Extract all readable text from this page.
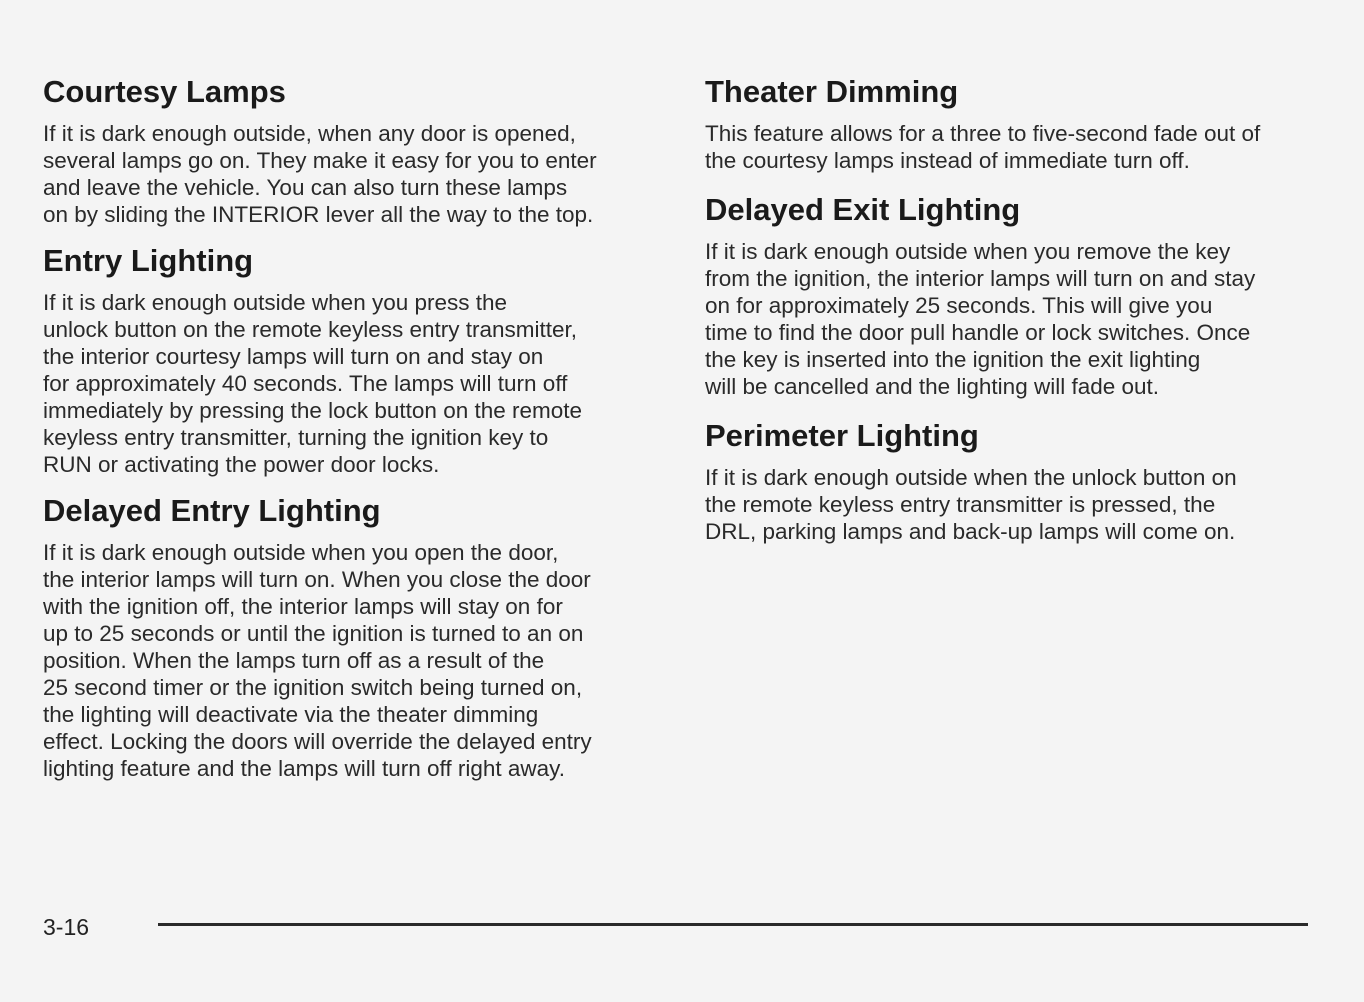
Courtesy Lamps

If it is dark enough outside, when any door is opened,
several lamps go on. They make it easy for you to enter
and leave the vehicle. You can also turn these lamps
on by sliding the INTERIOR lever all the way to the top.

Entry Lighting

If it is dark enough outside when you press the
unlock button on the remote keyless entry transmitter,
the interior courtesy lamps will turn on and stay on
for approximately 40 seconds. The lamps will turn off
immediately by pressing the lock button on the remote
keyless entry transmitter, turning the ignition key to
RUN or activating the power door locks.

Delayed Entry Lighting

If it is dark enough outside when you open the door,
the interior lamps will turn on. When you close the door
with the ignition off, the interior lamps will stay on for
up to 25 seconds or until the ignition is turned to an on
position. When the lamps turn off as a result of the
25 second timer or the ignition switch being turned on,
the lighting will deactivate via the theater dimming
effect. Locking the doors will override the delayed entry
lighting feature and the lamps will turn off right away.

Theater Dimming

This feature allows for a three to five-second fade out of
the courtesy lamps instead of immediate turn off.

Delayed Exit Lighting

If it is dark enough outside when you remove the key
from the ignition, the interior lamps will turn on and stay
on for approximately 25 seconds. This will give you
time to find the door pull handle or lock switches. Once
the key is inserted into the ignition the exit lighting
will be cancelled and the lighting will fade out.

Perimeter Lighting

If it is dark enough outside when the unlock button on
the remote keyless entry transmitter is pressed, the
DRL, parking lamps and back-up lamps will come on.

3-16
